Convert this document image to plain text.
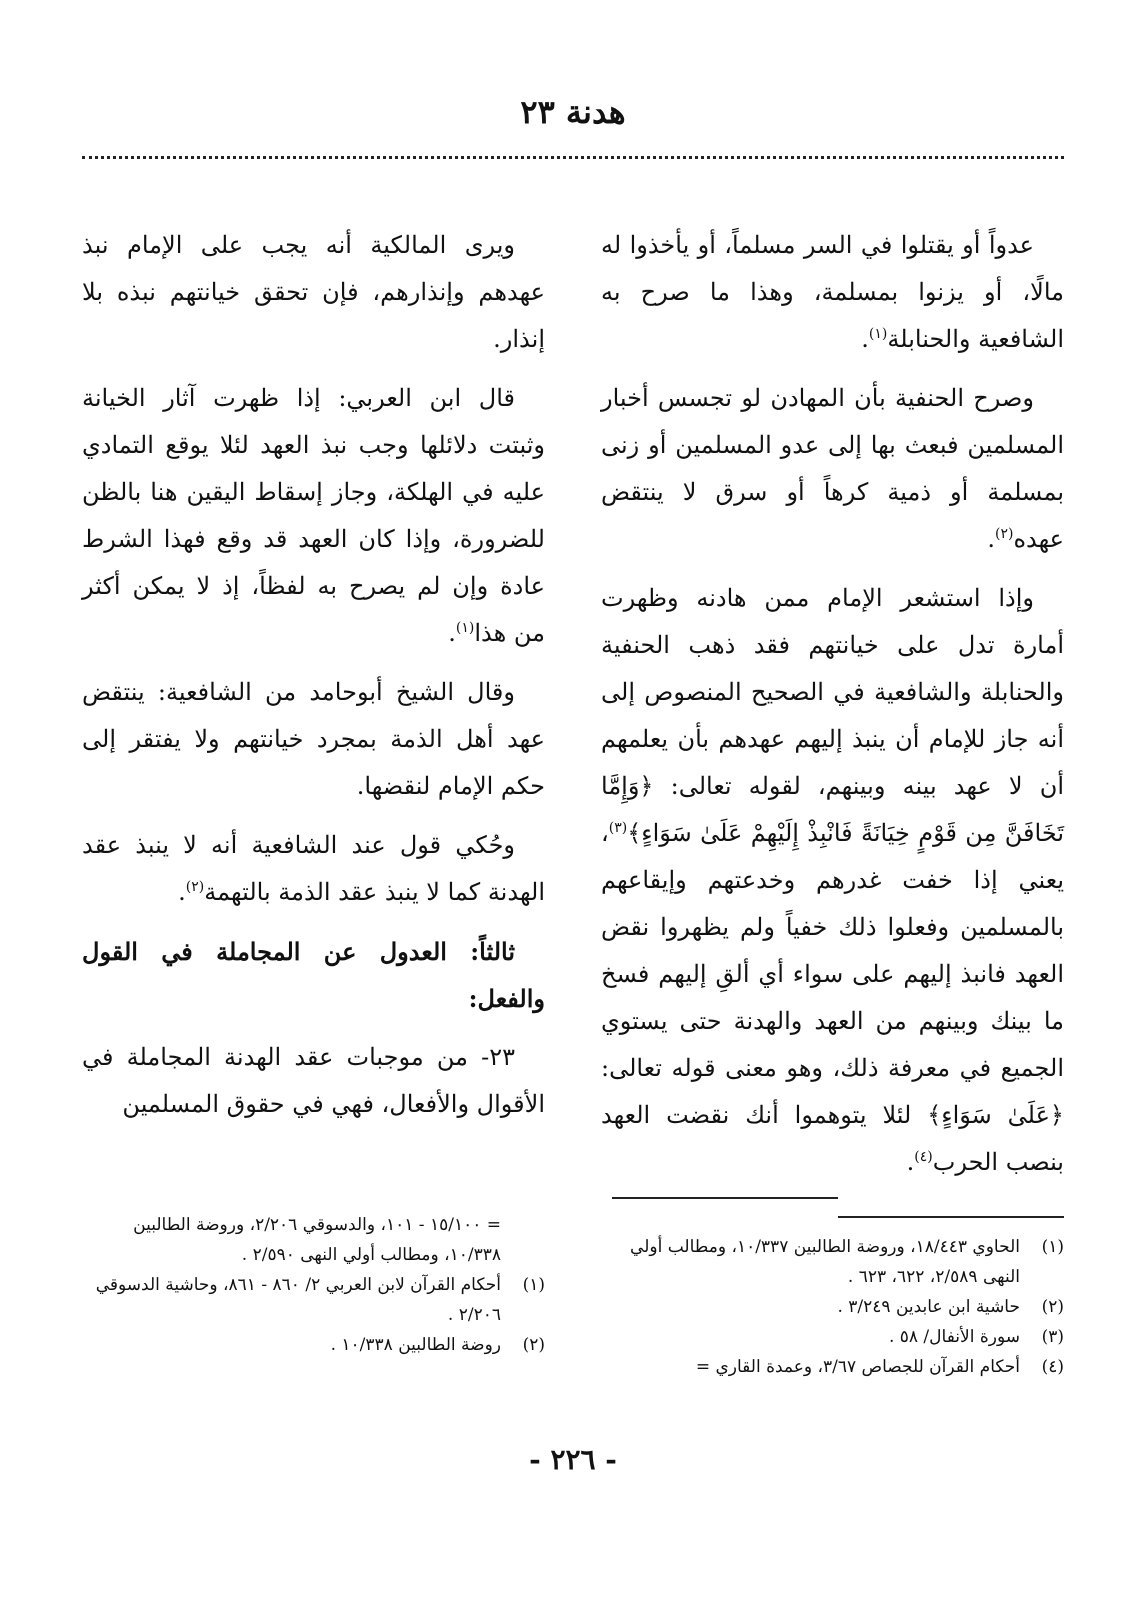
هدنة ٢٣

عدواً أو يقتلوا في السر مسلماً، أو يأخذوا له مالًا، أو يزنوا بمسلمة، وهذا ما صرح به الشافعية والحنابلة$^{(١)}$.

وصرح الحنفية بأن المهادن لو تجسس أخبار المسلمين فبعث بها إلى عدو المسلمين أو زنى بمسلمة أو ذمية كرهاً أو سرق لا ينتقض عهده$^{(٢)}$.

وإذا استشعر الإمام ممن هادنه وظهرت أمارة تدل على خيانتهم فقد ذهب الحنفية والحنابلة والشافعية في الصحيح المنصوص إلى أنه جاز للإمام أن ينبذ إليهم عهدهم بأن يعلمهم أن لا عهد بينه وبينهم، لقوله تعالى: ﴿وَإِمَّا تَخَافَنَّ مِن قَوْمٍ خِيَانَةً فَانْبِذْ إِلَيْهِمْ عَلَىٰ سَوَاءٍ﴾$^{(٣)}$، يعني إذا خفت غدرهم وخدعتهم وإيقاعهم بالمسلمين وفعلوا ذلك خفياً ولم يظهروا نقض العهد فانبذ إليهم على سواء أي ألقِ إليهم فسخ ما بينك وبينهم من العهد والهدنة حتى يستوي الجميع في معرفة ذلك، وهو معنى قوله تعالى: ﴿عَلَىٰ سَوَاءٍ﴾ لئلا يتوهموا أنك نقضت العهد بنصب الحرب$^{(٤)}$.

ويرى المالكية أنه يجب على الإمام نبذ عهدهم وإنذارهم، فإن تحقق خيانتهم نبذه بلا إنذار.

قال ابن العربي: إذا ظهرت آثار الخيانة وثبتت دلائلها وجب نبذ العهد لئلا يوقع التمادي عليه في الهلكة، وجاز إسقاط اليقين هنا بالظن للضرورة، وإذا كان العهد قد وقع فهذا الشرط عادة وإن لم يصرح به لفظاً، إذ لا يمكن أكثر من هذا$^{(١)}$.

وقال الشيخ أبوحامد من الشافعية: ينتقض عهد أهل الذمة بمجرد خيانتهم ولا يفتقر إلى حكم الإمام لنقضها.

وحُكي قول عند الشافعية أنه لا ينبذ عقد الهدنة كما لا ينبذ عقد الذمة بالتهمة$^{(٢)}$.

ثالثاً: العدول عن المجاملة في القول والفعل:

٢٣- من موجبات عقد الهدنة المجاملة في الأقوال والأفعال، فهي في حقوق المسلمين

(١)
الحاوي ١٨/٤٤٣، وروضة الطالبين ١٠/٣٣٧، ومطالب أولي النهى ٢/٥٨٩، ٦٢٢، ٦٢٣ .

(٢)
حاشية ابن عابدين ٣/٢٤٩ .

(٣)
سورة الأنفال/ ٥٨ .

(٤)
أحكام القرآن للجصاص ٣/٦٧، وعمدة القاري =

= ١٥/١٠٠ - ١٠١، والدسوقي ٢/٢٠٦، وروضة الطالبين ١٠/٣٣٨، ومطالب أولي النهى ٢/٥٩٠ .

(١)
أحكام القرآن لابن العربي ٢/ ٨٦٠ - ٨٦١، وحاشية الدسوقي ٢/٢٠٦ .

(٢)
روضة الطالبين ١٠/٣٣٨ .

- ٢٢٦ -
